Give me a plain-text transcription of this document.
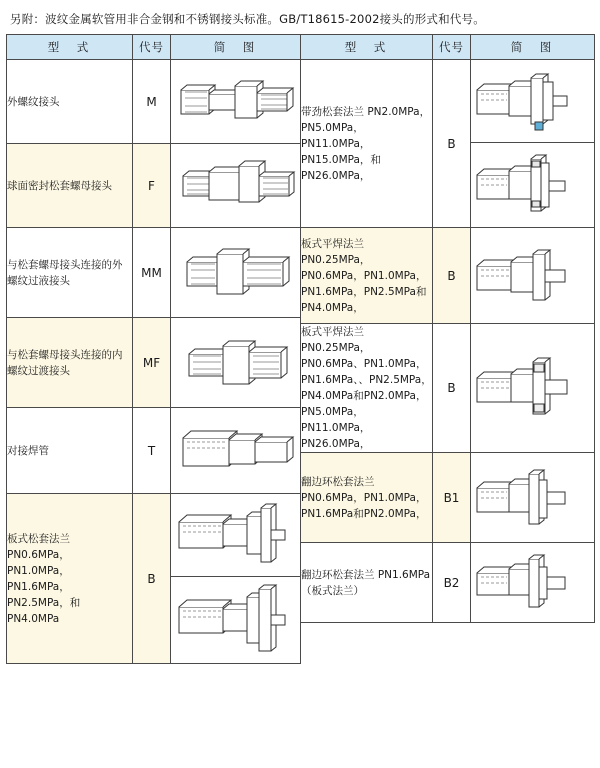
另附：波纹金属软管用非合金钢和不锈钢接头标准。GB/T18615-2002接头的形式和代号。
型　式	代号	简　图
外螺纹接头	M	

球面密封松套螺母接头	F	

与松套螺母接头连接的外螺纹过液接头	MM	

与松套螺母接头连接的内螺纹过渡接头	MF	

对接焊管	T	

板式松套法兰 PN0.6MPa，PN1.0MPa，PN1.6MPa，PN2.5MPa，和PN4.0MPa	B	

型　式	代号	简　图
带劲松套法兰 PN2.0MPa，PN5.0MPa，PN11.0MPa，PN15.0MPa，和PN26.0MPa，	B	

板式平焊法兰 PN0.25MPa，PN0.6MPa，PN1.0MPa，PN1.6MPa，PN2.5MPa和PN4.0MPa，	B	

板式平焊法兰 PN0.25MPa，PN0.6MPa、PN1.0MPa，PN1.6MPa、、PN2.5MPa，PN4.0MPa和PN2.0MPa，PN5.0MPa，PN11.0MPa，PN26.0MPa，	B	

翻边环松套法兰 PN0.6MPa，PN1.0MPa，PN1.6MPa和PN2.0MPa，	B1	

翻边环松套法兰 PN1.6MPa（板式法兰）	B2	
